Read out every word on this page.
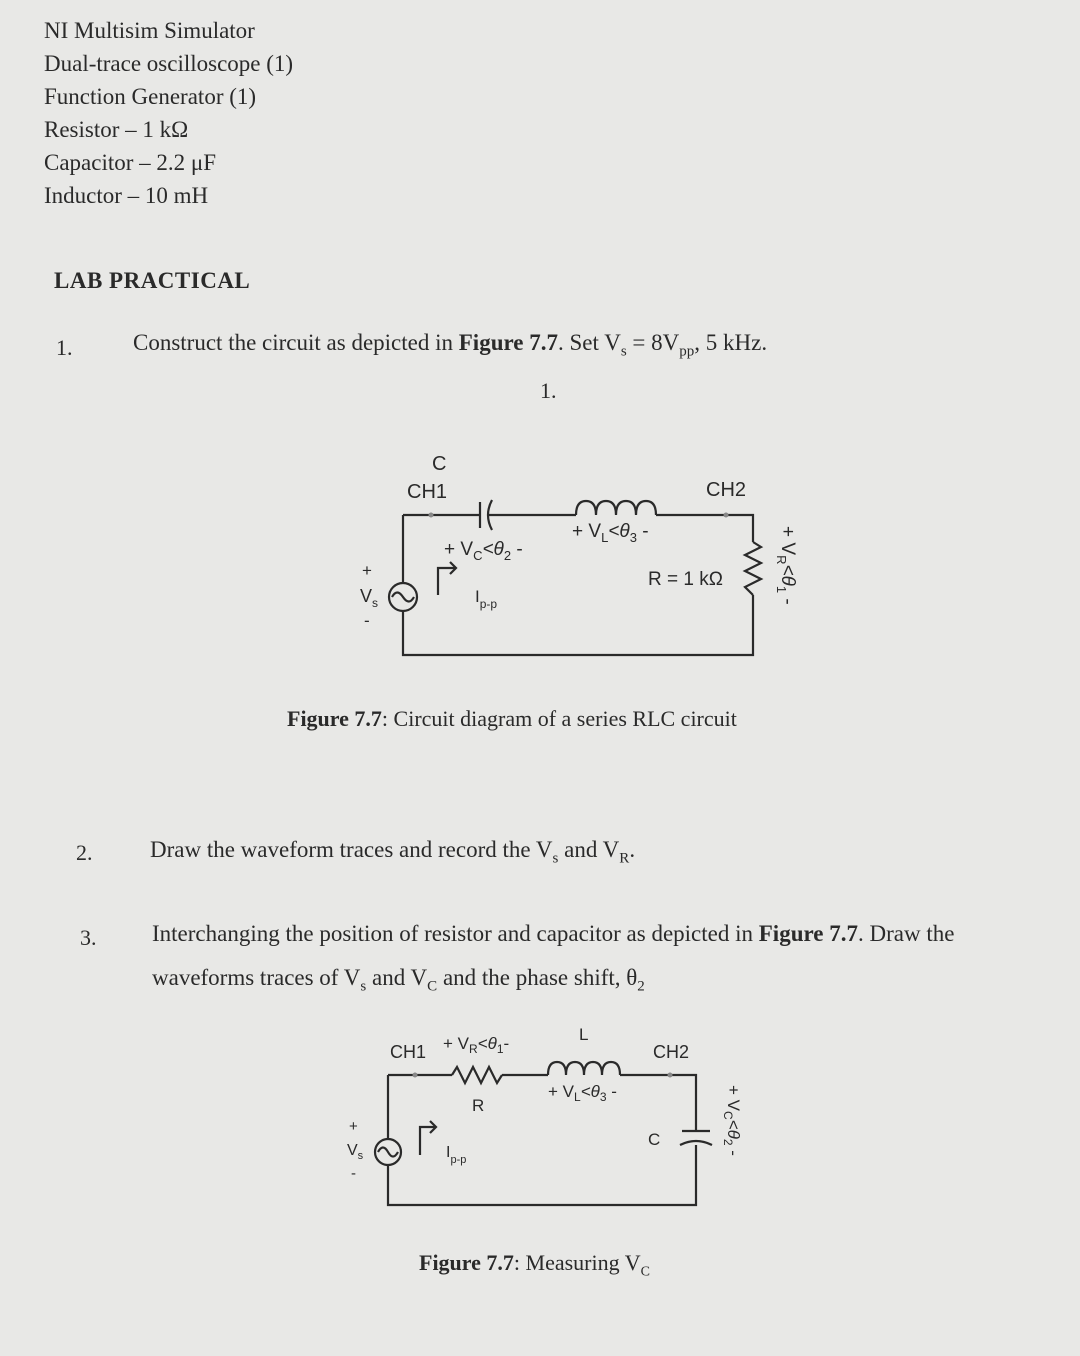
NI Multisim Simulator
Dual-trace oscilloscope (1)
Function Generator (1)
Resistor – 1 kΩ
Capacitor – 2.2 μF
Inductor – 10 mH
LAB PRACTICAL
1.	Construct the circuit as depicted in Figure 7.7. Set $V_s = 8V_{pp}$, 5 kHz.
1.
C
CH1	CH2
+ $V_C<\theta_2$ -
+ $V_L<\theta_3$ -
R = 1 kΩ
+ $V_R<\theta_1$ -
+
$V_s$
-
$I_{p-p}$
Figure 7.7: Circuit diagram of a series RLC circuit
2.	Draw the waveform traces and record the $V_s$ and $V_R$.
3. Interchanging the position of resistor and capacitor as depicted in Figure 7.7. Draw the
waveforms traces of $V_s$ and $V_C$ and the phase shift, $\theta_2$
$CH1 + V_R<\theta_1-$	L
CH2
R
+ $V_L<\theta_3$ -
C
+ $V_C<\theta_2$ -
+
$V_s$
-
$I_{p-p}$
Figure 7.7: Measuring $V_C$
